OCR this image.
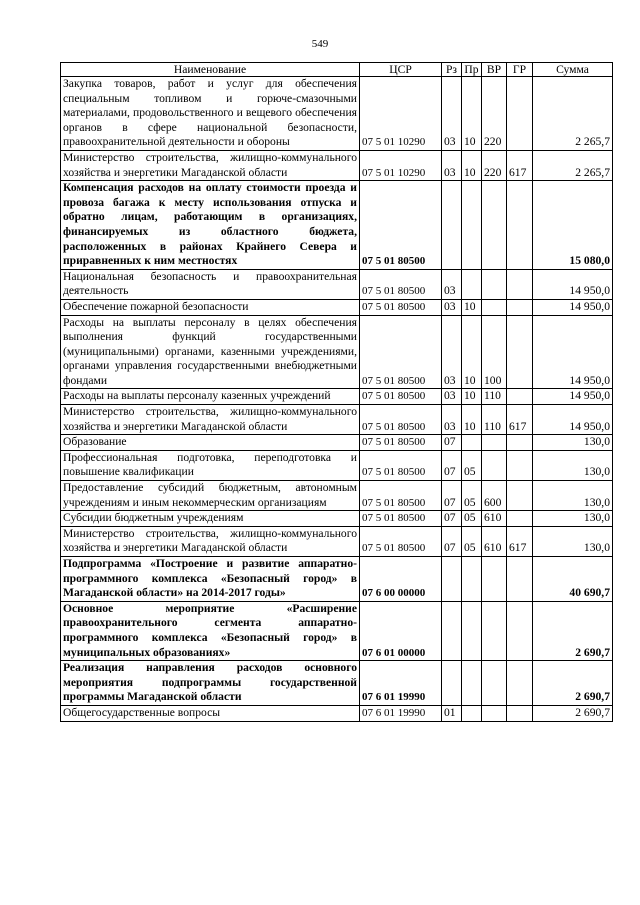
549
Наименование	ЦСР	Рз	Пр	ВР	ГР	Сумма
Закупка товаров, работ и услуг для обеспечения специальным топливом и горюче-смазочными материалами, продовольственного и вещевого обеспечения органов в сфере национальной безопасности, правоохранительной деятельности и обороны	07 5 01 10290	03	10	220		2 265,7
Министерство строительства, жилищно-коммунального хозяйства и энергетики Магаданской области	07 5 01 10290	03	10	220	617	2 265,7
Компенсация расходов на оплату стоимости проезда и провоза багажа к месту использования отпуска и обратно лицам, работающим в организациях, финансируемых из областного бюджета, расположенных в районах Крайнего Севера и приравненных к ним местностях	07 5 01 80500					15 080,0
Национальная безопасность и правоохранительная деятельность	07 5 01 80500	03				14 950,0
Обеспечение пожарной безопасности	07 5 01 80500	03	10			14 950,0
Расходы на выплаты персоналу в целях обеспечения выполнения функций государственными (муниципальными) органами, казенными учреждениями, органами управления государственными внебюджетными фондами	07 5 01 80500	03	10	100		14 950,0
Расходы на выплаты персоналу казенных учреждений	07 5 01 80500	03	10	110		14 950,0
Министерство строительства, жилищно-коммунального хозяйства и энергетики Магаданской области	07 5 01 80500	03	10	110	617	14 950,0
Образование	07 5 01 80500	07				130,0
Профессиональная подготовка, переподготовка и повышение квалификации	07 5 01 80500	07	05			130,0
Предоставление субсидий бюджетным, автономным учреждениям и иным некоммерческим организациям	07 5 01 80500	07	05	600		130,0
Субсидии бюджетным учреждениям	07 5 01 80500	07	05	610		130,0
Министерство строительства, жилищно-коммунального хозяйства и энергетики Магаданской области	07 5 01 80500	07	05	610	617	130,0
Подпрограмма «Построение и развитие аппаратно-программного комплекса «Безопасный город» в Магаданской области» на 2014-2017 годы»	07 6 00 00000					40 690,7
Основное мероприятие «Расширение правоохранительного сегмента аппаратно-программного комплекса «Безопасный город» в муниципальных образованиях»	07 6 01 00000					2 690,7
Реализация направления расходов основного мероприятия подпрограммы государственной программы Магаданской области	07 6 01 19990					2 690,7
Общегосударственные вопросы	07 6 01 19990	01				2 690,7
